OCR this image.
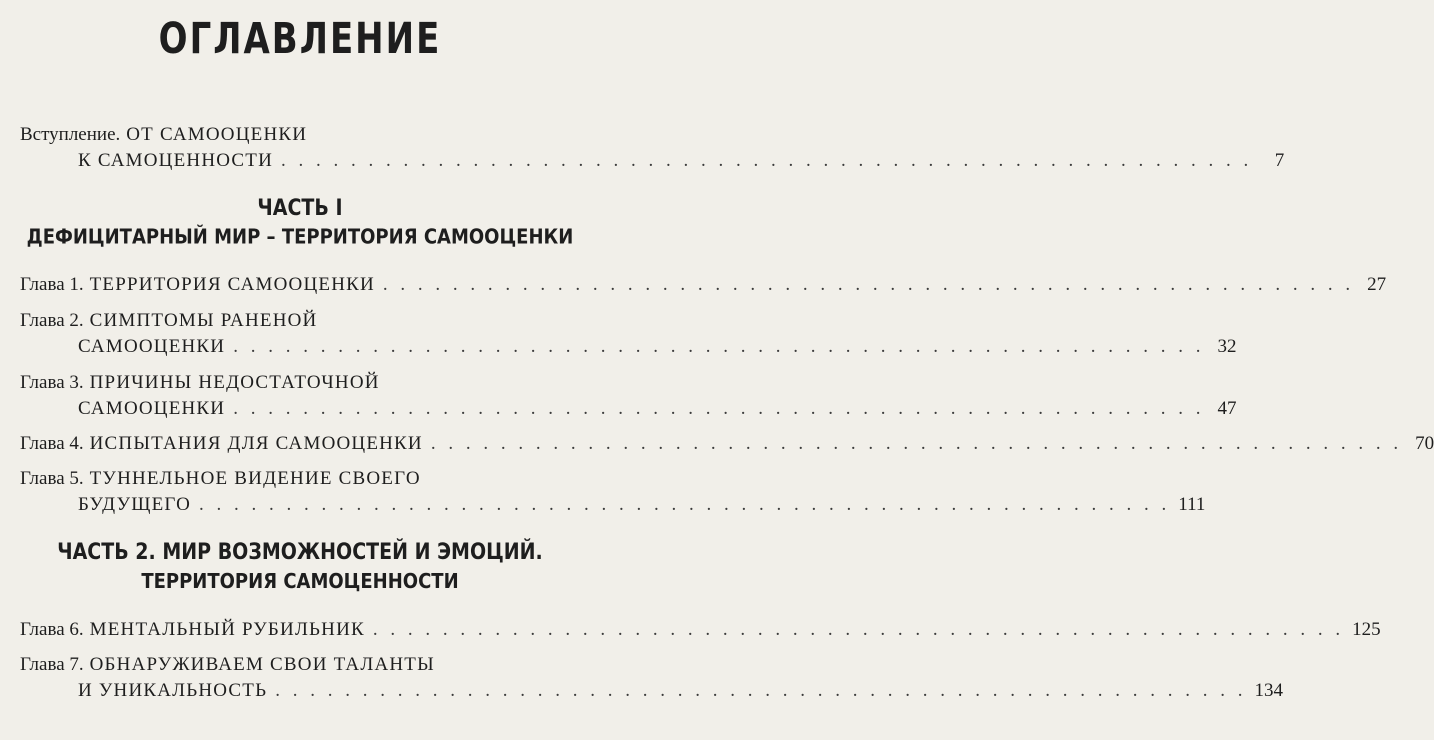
ОГЛАВЛЕНИЕ
Вступление. ОТ САМООЦЕНКИ
К САМОЦЕННОСТИ . . . . . . . . . . . . . . . . . . . . . . . . . . . . . . . . . . . . . . . . . . . . . . . . . . . . . . . .	7
ЧАСТЬ I
ДЕФИЦИТАРНЫЙ МИР – ТЕРРИТОРИЯ САМООЦЕНКИ
Глава 1. ТЕРРИТОРИЯ САМООЦЕНКИ . . . . . . . . . . . . . . . . . . . . . . . . . . . . . . . . . . . . . . . . . . . . . . . . . . . . . . . . 27
Глава 2. СИМПТОМЫ РАНЕНОЙ
САМООЦЕНКИ . . . . . . . . . . . . . . . . . . . . . . . . . . . . . . . . . . . . . . . . . . . . . . . . . . . . . . . . 32
Глава 3. ПРИЧИНЫ НЕДОСТАТОЧНОЙ
САМООЦЕНКИ . . . . . . . . . . . . . . . . . . . . . . . . . . . . . . . . . . . . . . . . . . . . . . . . . . . . . . . . 47
Глава 4. ИСПЫТАНИЯ ДЛЯ САМООЦЕНКИ . . . . . . . . . . . . . . . . . . . . . . . . . . . . . . . . . . . . . . . . . . . . . . . . . . . . . . . . 70
Глава 5. ТУННЕЛЬНОЕ ВИДЕНИЕ СВОЕГО
БУДУЩЕГО . . . . . . . . . . . . . . . . . . . . . . . . . . . . . . . . . . . . . . . . . . . . . . . . . . . . . . . . 111
ЧАСТЬ 2. МИР ВОЗМОЖНОСТЕЙ И ЭМОЦИЙ.
ТЕРРИТОРИЯ САМОЦЕННОСТИ
Глава 6. МЕНТАЛЬНЫЙ РУБИЛЬНИК . . . . . . . . . . . . . . . . . . . . . . . . . . . . . . . . . . . . . . . . . . . . . . . . . . . . . . . . 125
Глава 7. ОБНАРУЖИВАЕМ СВОИ ТАЛАНТЫ
И УНИКАЛЬНОСТЬ . . . . . . . . . . . . . . . . . . . . . . . . . . . . . . . . . . . . . . . . . . . . . . . . . . . . . . . . 134
